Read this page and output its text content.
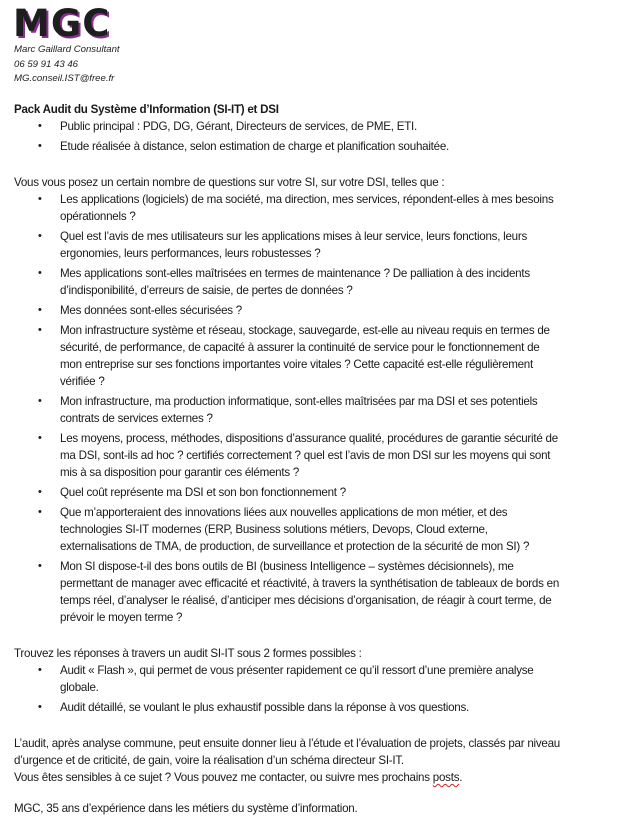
MGC
Marc Gaillard Consultant
06 59 91 43 46
MG.conseil.IST@free.fr

Pack Audit du Système d’Information (SI-IT) et DSI

• Public principal : PDG, DG, Gérant, Directeurs de services, de PME, ETI.
• Etude réalisée à distance, selon estimation de charge et planification souhaitée.

Vous vous posez un certain nombre de questions sur votre SI, sur votre DSI, telles que :

• Les applications (logiciels) de ma société, ma direction, mes services, répondent-elles à mes besoins opérationnels ?
• Quel est l’avis de mes utilisateurs sur les applications mises à leur service, leurs fonctions, leurs ergonomies, leurs performances, leurs robustesses ?
• Mes applications sont-elles maîtrisées en termes de maintenance ? De palliation à des incidents d’indisponibilité, d’erreurs de saisie, de pertes de données ?
• Mes données sont-elles sécurisées ?
• Mon infrastructure système et réseau, stockage, sauvegarde, est-elle au niveau requis en termes de sécurité, de performance, de capacité à assurer la continuité de service pour le fonctionnement de mon entreprise sur ses fonctions importantes voire vitales ? Cette capacité est-elle régulièrement vérifiée ?
• Mon infrastructure, ma production informatique, sont-elles maîtrisées par ma DSI et ses potentiels contrats de services externes ?
• Les moyens, process, méthodes, dispositions d’assurance qualité, procédures de garantie sécurité de ma DSI, sont-ils ad hoc ? certifiés correctement ? quel est l’avis de mon DSI sur les moyens qui sont mis à sa disposition pour garantir ces éléments ?
• Quel coût représente ma DSI et son bon fonctionnement ?
• Que m’apporteraient des innovations liées aux nouvelles applications de mon métier, et des technologies SI-IT modernes (ERP, Business solutions métiers, Devops, Cloud externe, externalisations de TMA, de production, de surveillance et protection de la sécurité de mon SI) ?
• Mon SI dispose-t-il des bons outils de BI (business Intelligence – systèmes décisionnels), me permettant de manager avec efficacité et réactivité, à travers la synthétisation de tableaux de bords en temps réel, d’analyser le réalisé, d’anticiper mes décisions d’organisation, de réagir à court terme, de prévoir le moyen terme ?

Trouvez les réponses à travers un audit SI-IT sous 2 formes possibles :

• Audit « Flash », qui permet de vous présenter rapidement ce qu’il ressort d’une première analyse globale.
• Audit détaillé, se voulant le plus exhaustif possible dans la réponse à vos questions.

L’audit, après analyse commune, peut ensuite donner lieu à l’étude et l’évaluation de projets, classés par niveau d’urgence et de criticité, de gain, voire la réalisation d’un schéma directeur SI-IT.

Vous êtes sensibles à ce sujet ? Vous pouvez me contacter, ou suivre mes prochains posts.

MGC, 35 ans d’expérience dans les métiers du système d’information.
